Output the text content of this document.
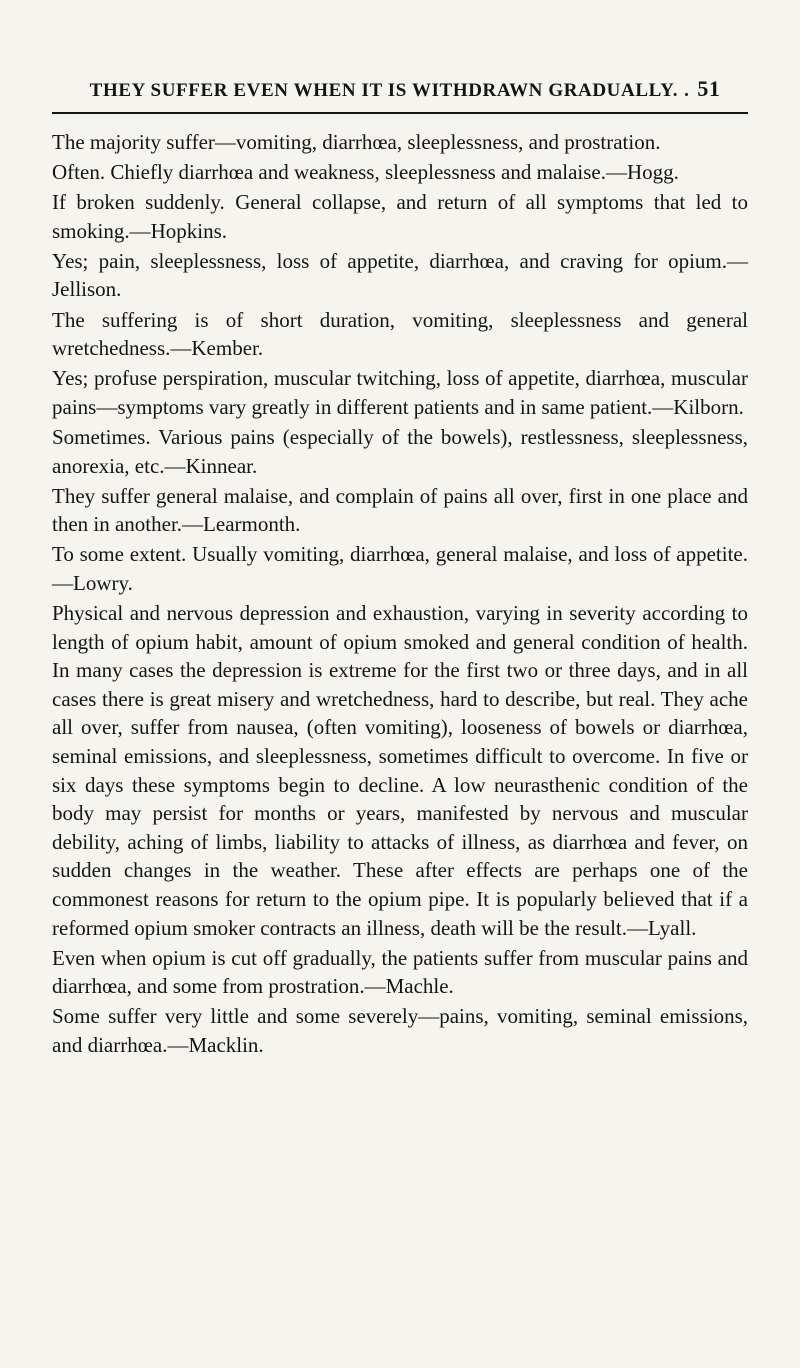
THEY SUFFER EVEN WHEN IT IS WITHDRAWN GRADUALLY. . 51

The majority suffer—vomiting, diarrhœa, sleeplessness, and prostration.

Often. Chiefly diarrhœa and weakness, sleeplessness and malaise.—Hogg.

If broken suddenly. General collapse, and return of all symptoms that led to smoking.—Hopkins.

Yes; pain, sleeplessness, loss of appetite, diarrhœa, and craving for opium.—Jellison.

The suffering is of short duration, vomiting, sleeplessness and general wretchedness.—Kember.

Yes; profuse perspiration, muscular twitching, loss of appetite, diarrhœa, muscular pains—symptoms vary greatly in different patients and in same patient.—Kilborn.

Sometimes. Various pains (especially of the bowels), restlessness, sleeplessness, anorexia, etc.—Kinnear.

They suffer general malaise, and complain of pains all over, first in one place and then in another.—Learmonth.

To some extent. Usually vomiting, diarrhœa, general malaise, and loss of appetite.—Lowry.

Physical and nervous depression and exhaustion, varying in severity according to length of opium habit, amount of opium smoked and general condition of health. In many cases the depression is extreme for the first two or three days, and in all cases there is great misery and wretchedness, hard to describe, but real. They ache all over, suffer from nausea, (often vomiting), looseness of bowels or diarrhœa, seminal emissions, and sleeplessness, sometimes difficult to overcome. In five or six days these symptoms begin to decline. A low neurasthenic condition of the body may persist for months or years, manifested by nervous and muscular debility, aching of limbs, liability to attacks of illness, as diarrhœa and fever, on sudden changes in the weather. These after effects are perhaps one of the commonest reasons for return to the opium pipe. It is popularly believed that if a reformed opium smoker contracts an illness, death will be the result.—Lyall.

Even when opium is cut off gradually, the patients suffer from muscular pains and diarrhœa, and some from prostration.—Machle.

Some suffer very little and some severely—pains, vomiting, seminal emissions, and diarrhœa.—Macklin.
